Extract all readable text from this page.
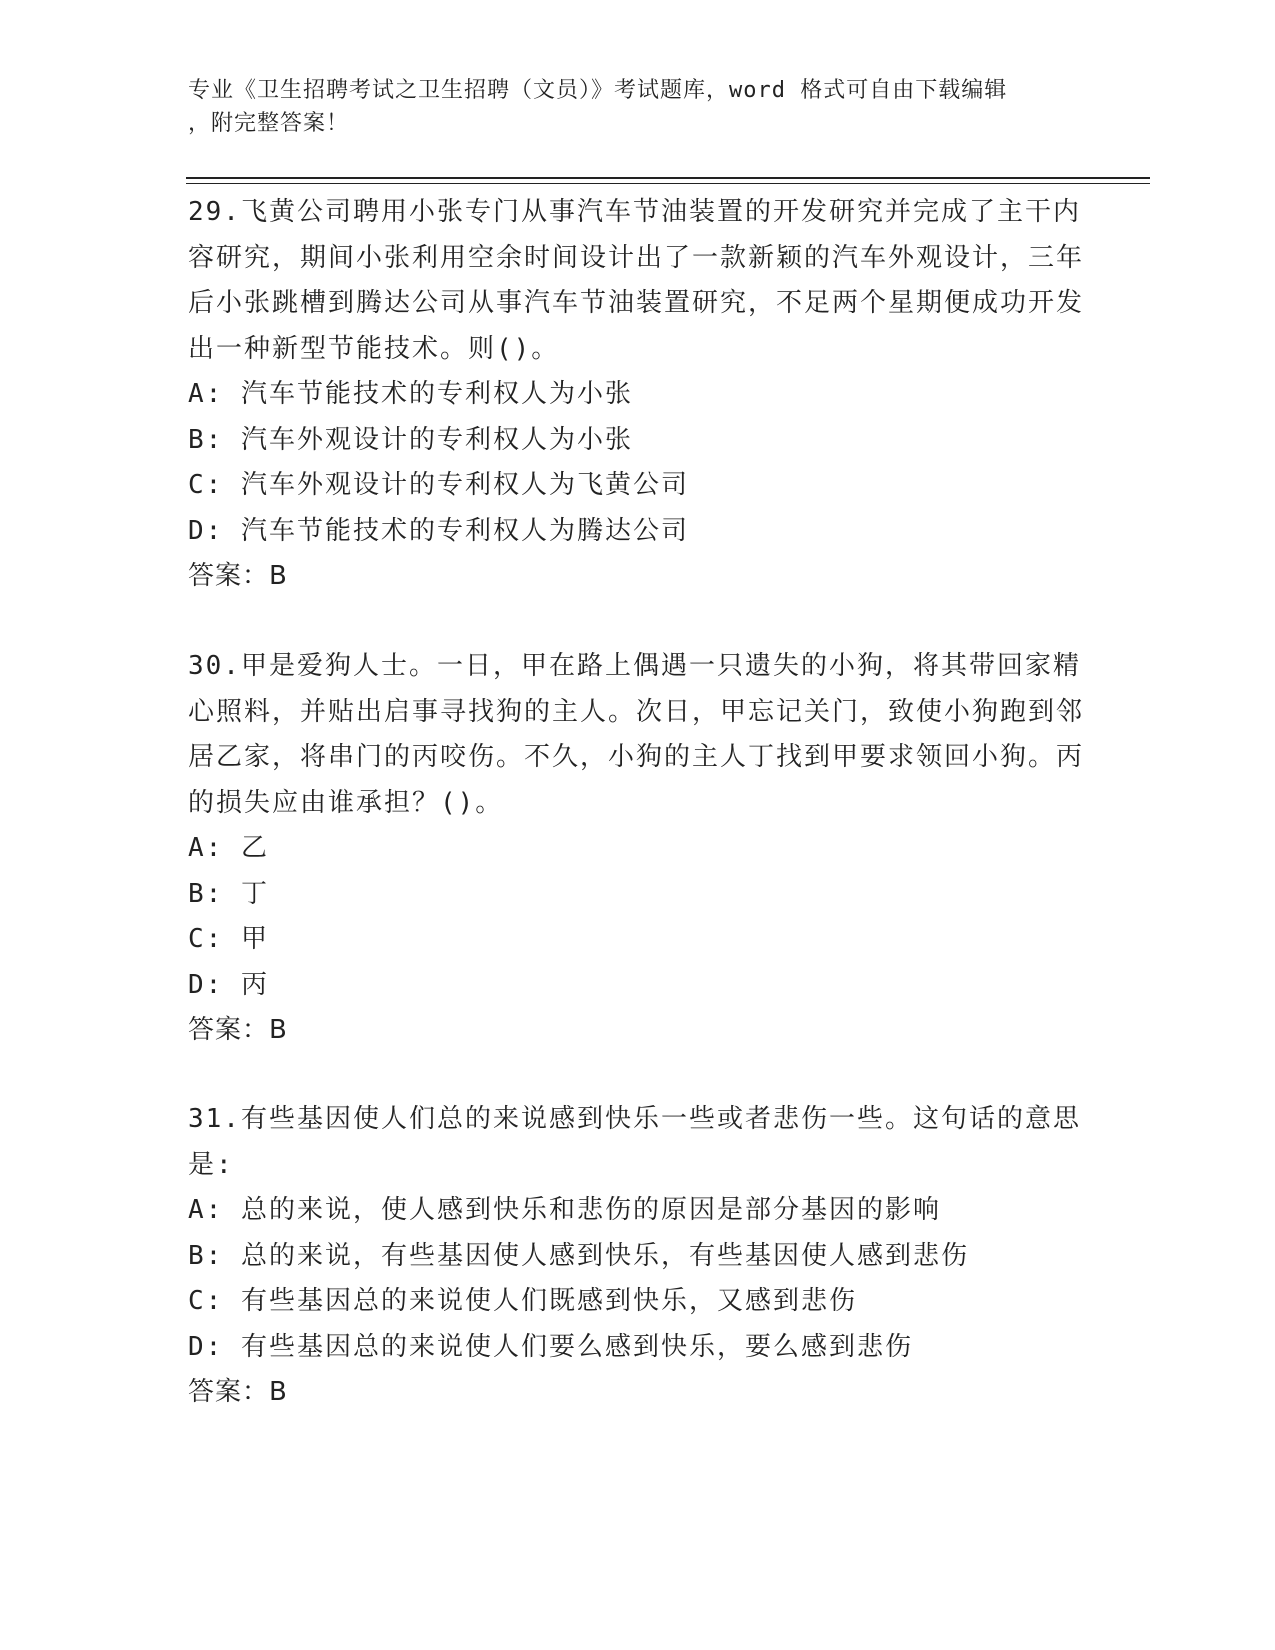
专业《卫生招聘考试之卫生招聘（文员）》考试题库，word 格式可自由下载编辑
，附完整答案！
29.飞黄公司聘用小张专门从事汽车节油装置的开发研究并完成了主干内容研究，期间小张利用空余时间设计出了一款新颖的汽车外观设计，三年后小张跳槽到腾达公司从事汽车节油装置研究，不足两个星期便成功开发出一种新型节能技术。则()。
A: 汽车节能技术的专利权人为小张
B: 汽车外观设计的专利权人为小张
C: 汽车外观设计的专利权人为飞黄公司
D: 汽车节能技术的专利权人为腾达公司
答案：B
30.甲是爱狗人士。一日，甲在路上偶遇一只遗失的小狗，将其带回家精心照料，并贴出启事寻找狗的主人。次日，甲忘记关门，致使小狗跑到邻居乙家，将串门的丙咬伤。不久，小狗的主人丁找到甲要求领回小狗。丙的损失应由谁承担？()。
A: 乙
B: 丁
C: 甲
D: 丙
答案：B
31.有些基因使人们总的来说感到快乐一些或者悲伤一些。这句话的意思是:
A: 总的来说，使人感到快乐和悲伤的原因是部分基因的影响
B: 总的来说，有些基因使人感到快乐，有些基因使人感到悲伤
C: 有些基因总的来说使人们既感到快乐，又感到悲伤
D: 有些基因总的来说使人们要么感到快乐，要么感到悲伤
答案：B
